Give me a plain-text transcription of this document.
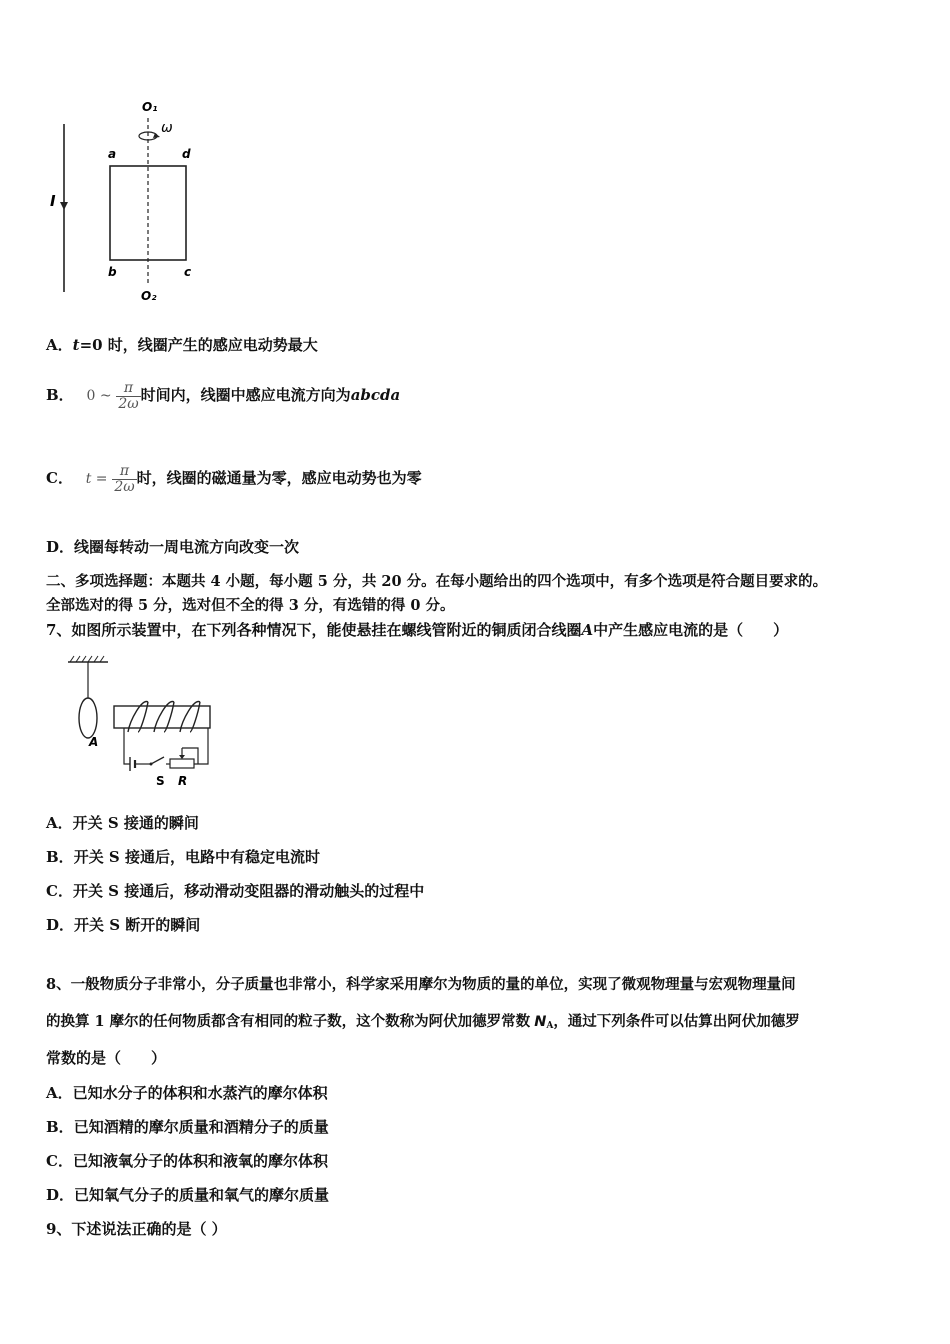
I
O₁
ω
a	d
b	c
O₂
A．t=0 时，线圈产生的感应电动势最大
B． 0 ~ $\frac{\pi}{2\omega}$ 时间内，线圈中感应电流方向为abcda
C． $t = \frac{\pi}{2\omega}$ 时，线圈的磁通量为零，感应电动势也为零
D．线圈每转动一周电流方向改变一次
二、多项选择题：本题共 4 小题，每小题 5 分，共 20 分。在每小题给出的四个选项中，有多个选项是符合题目要求的。
全部选对的得 5 分，选对但不全的得 3 分，有选错的得 0 分。
7、如图所示装置中，在下列各种情况下，能使悬挂在螺线管附近的铜质闭合线圈A中产生感应电流的是（　　）
A
S R
A．开关 S 接通的瞬间
B．开关 S 接通后，电路中有稳定电流时
C．开关 S 接通后，移动滑动变阻器的滑动触头的过程中
D．开关 S 断开的瞬间
8、一般物质分子非常小，分子质量也非常小，科学家采用摩尔为物质的量的单位，实现了微观物理量与宏观物理量间
的换算 1 摩尔的任何物质都含有相同的粒子数，这个数称为阿伏加德罗常数 $N_A$，通过下列条件可以估算出阿伏加德罗
常数的是（　　）
A．已知水分子的体积和水蒸汽的摩尔体积
B．已知酒精的摩尔质量和酒精分子的质量
C．已知液氧分子的体积和液氧的摩尔体积
D．已知氧气分子的质量和氧气的摩尔质量
9、下述说法正确的是（ ）
